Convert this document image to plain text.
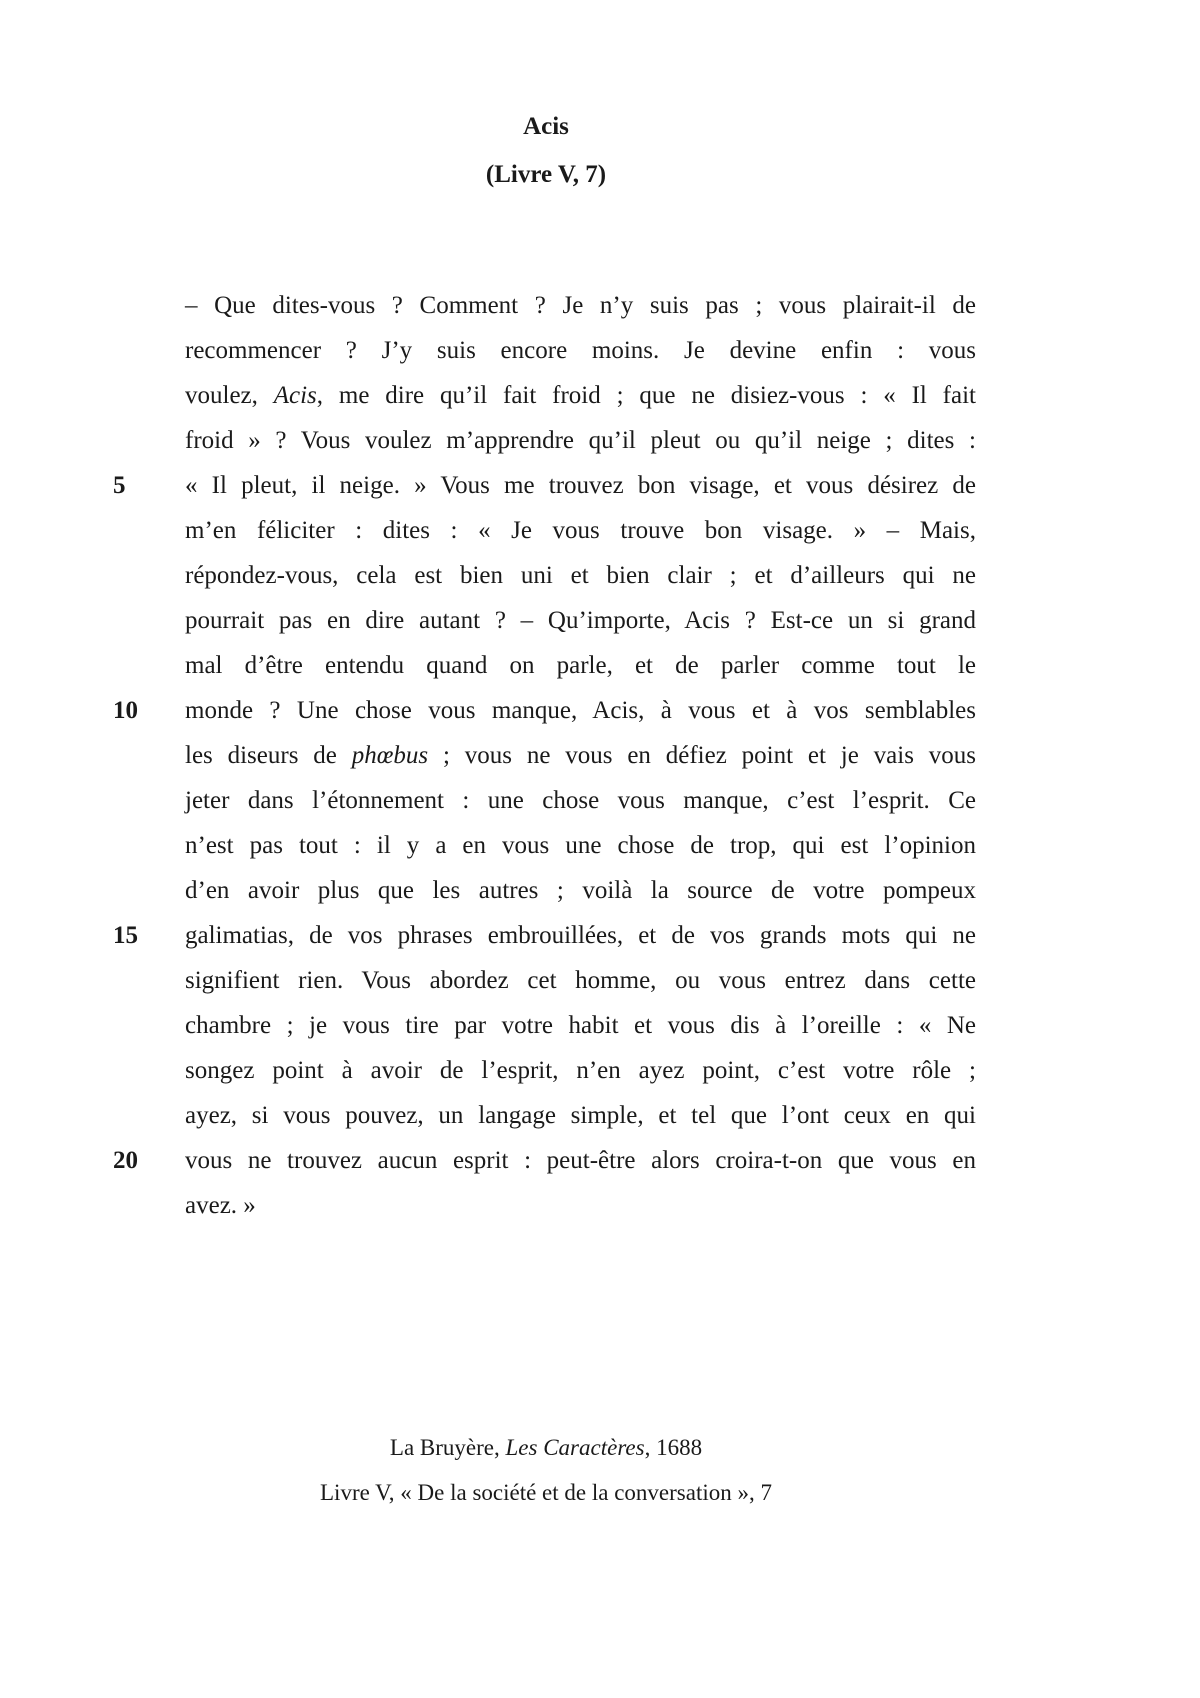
Acis
(Livre V, 7)
– Que dites-vous ? Comment ? Je n’y suis pas ; vous plairait-il de
recommencer ? J’y suis encore moins. Je devine enfin : vous
voulez, Acis, me dire qu’il fait froid ; que ne disiez-vous : « Il fait
froid » ? Vous voulez m’apprendre qu’il pleut ou qu’il neige ; dites :
« Il pleut, il neige. » Vous me trouvez bon visage, et vous désirez de
m’en féliciter : dites : « Je vous trouve bon visage. » – Mais,
répondez-vous, cela est bien uni et bien clair ; et d’ailleurs qui ne
pourrait pas en dire autant ? – Qu’importe, Acis ? Est-ce un si grand
mal d’être entendu quand on parle, et de parler comme tout le
monde ? Une chose vous manque, Acis, à vous et à vos semblables
les diseurs de phœbus ; vous ne vous en défiez point et je vais vous
jeter dans l’étonnement : une chose vous manque, c’est l’esprit. Ce
n’est pas tout : il y a en vous une chose de trop, qui est l’opinion
d’en avoir plus que les autres ; voilà la source de votre pompeux
galimatias, de vos phrases embrouillées, et de vos grands mots qui ne
signifient rien. Vous abordez cet homme, ou vous entrez dans cette
chambre ; je vous tire par votre habit et vous dis à l’oreille : « Ne
songez point à avoir de l’esprit, n’en ayez point, c’est votre rôle ;
ayez, si vous pouvez, un langage simple, et tel que l’ont ceux en qui
vous ne trouvez aucun esprit : peut-être alors croira-t-on que vous en
avez. »
5
10
15
20
La Bruyère, Les Caractères, 1688
Livre V, « De la société et de la conversation », 7
